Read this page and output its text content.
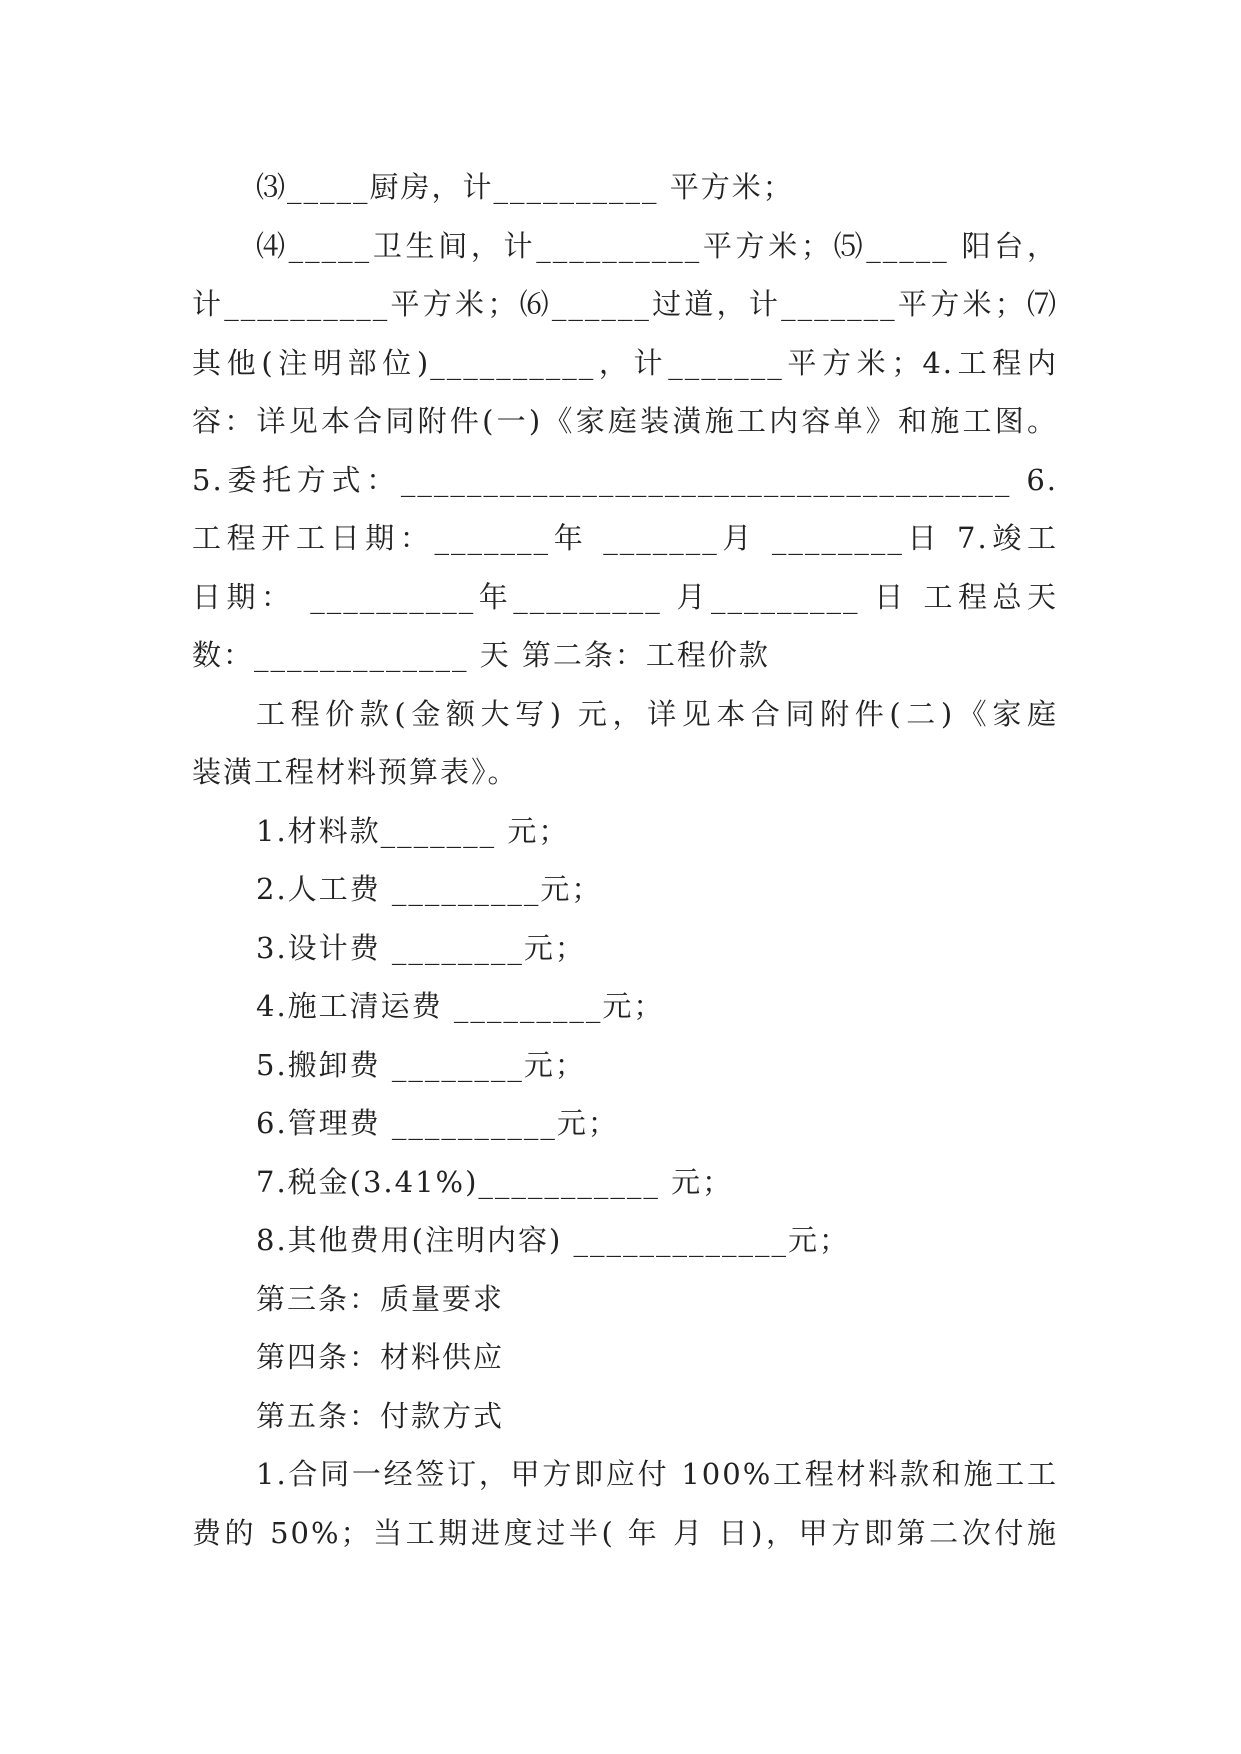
⑶_____厨房，计__________ 平方米；
⑷_____卫生间，计__________平方米；⑸_____ 阳台，
计__________平方米；⑹______过道，计_______平方米；⑺
其他(注明部位)__________，计_______平方米；4.工程内
容：详见本合同附件(一)《家庭装潢施工内容单》和施工图。
5.委托方式：_____________________________________ 6.
工程开工日期：_______年 _______月 ________日 7.竣工
日期： __________年_________ 月_________ 日 工程总天
数：_____________ 天 第二条：工程价款
工程价款(金额大写) 元，详见本合同附件(二)《家庭
装潢工程材料预算表》。
1.材料款_______ 元；
2.人工费 _________元；
3.设计费 ________元；
4.施工清运费 _________元；
5.搬卸费 ________元；
6.管理费 __________元；
7.税金(3.41%)___________ 元；
8.其他费用(注明内容) _____________元；
第三条：质量要求
第四条：材料供应
第五条：付款方式
1.合同一经签订，甲方即应付 100%工程材料款和施工工
费的 50%；当工期进度过半( 年 月 日)，甲方即第二次付施
